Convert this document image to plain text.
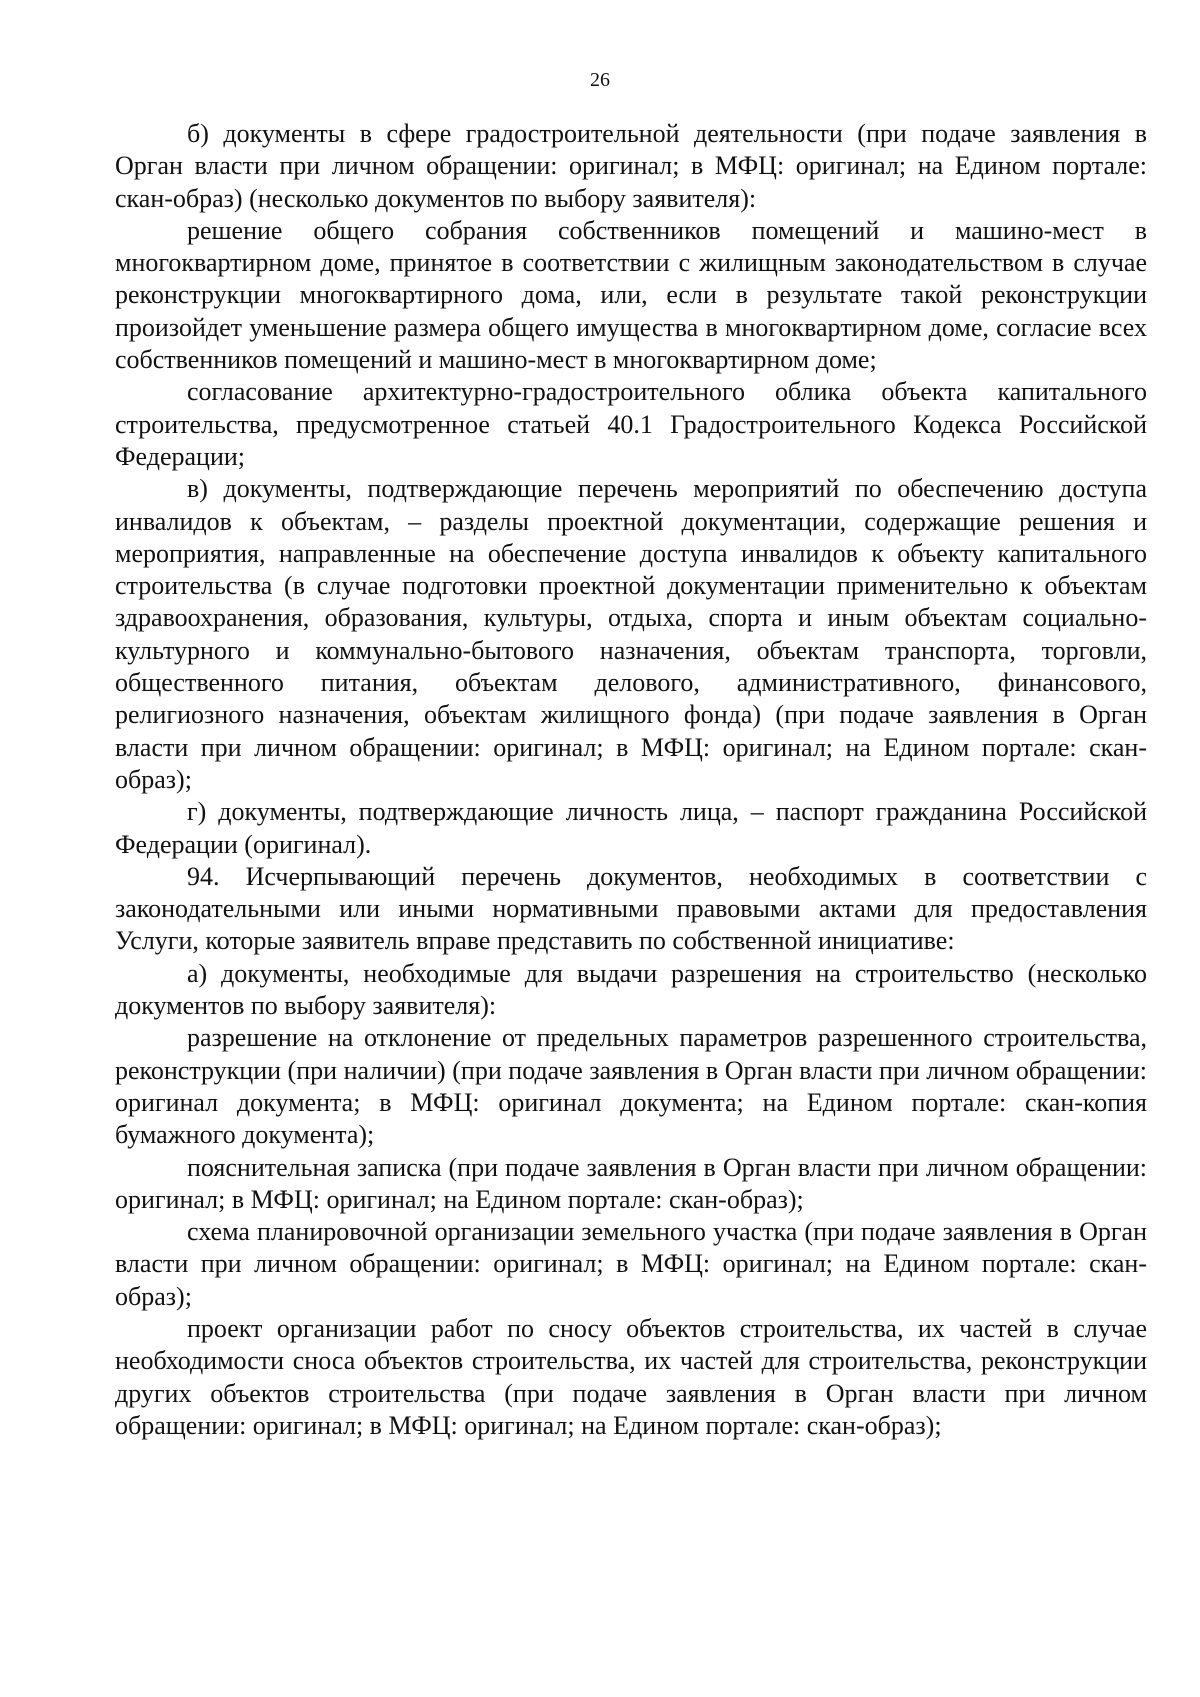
26

б) документы в сфере градостроительной деятельности (при подаче заявления в Орган власти при личном обращении: оригинал; в МФЦ: оригинал; на Едином портале: скан-образ) (несколько документов по выбору заявителя):

решение общего собрания собственников помещений и машино-мест в многоквартирном доме, принятое в соответствии с жилищным законодательством в случае реконструкции многоквартирного дома, или, если в результате такой реконструкции произойдет уменьшение размера общего имущества в многоквартирном доме, согласие всех собственников помещений и машино-мест в многоквартирном доме;

согласование архитектурно-градостроительного облика объекта капитального строительства, предусмотренное статьей 40.1 Градостроительного Кодекса Российской Федерации;

в) документы, подтверждающие перечень мероприятий по обеспечению доступа инвалидов к объектам, – разделы проектной документации, содержащие решения и мероприятия, направленные на обеспечение доступа инвалидов к объекту капитального строительства (в случае подготовки проектной документации применительно к объектам здравоохранения, образования, культуры, отдыха, спорта и иным объектам социально-культурного и коммунально-бытового назначения, объектам транспорта, торговли, общественного питания, объектам делового, административного, финансового, религиозного назначения, объектам жилищного фонда) (при подаче заявления в Орган власти при личном обращении: оригинал; в МФЦ: оригинал; на Едином портале: скан-образ);

г) документы, подтверждающие личность лица, – паспорт гражданина Российской Федерации (оригинал).

94. Исчерпывающий перечень документов, необходимых в соответствии с законодательными или иными нормативными правовыми актами для предоставления Услуги, которые заявитель вправе представить по собственной инициативе:

а) документы, необходимые для выдачи разрешения на строительство (несколько документов по выбору заявителя):

разрешение на отклонение от предельных параметров разрешенного строительства, реконструкции (при наличии) (при подаче заявления в Орган власти при личном обращении: оригинал документа; в МФЦ: оригинал документа; на Едином портале: скан-копия бумажного документа);

пояснительная записка (при подаче заявления в Орган власти при личном обращении: оригинал; в МФЦ: оригинал; на Едином портале: скан-образ);

схема планировочной организации земельного участка (при подаче заявления в Орган власти при личном обращении: оригинал; в МФЦ: оригинал; на Едином портале: скан-образ);

проект организации работ по сносу объектов строительства, их частей в случае необходимости сноса объектов строительства, их частей для строительства, реконструкции других объектов строительства (при подаче заявления в Орган власти при личном обращении: оригинал; в МФЦ: оригинал; на Едином портале: скан-образ);
